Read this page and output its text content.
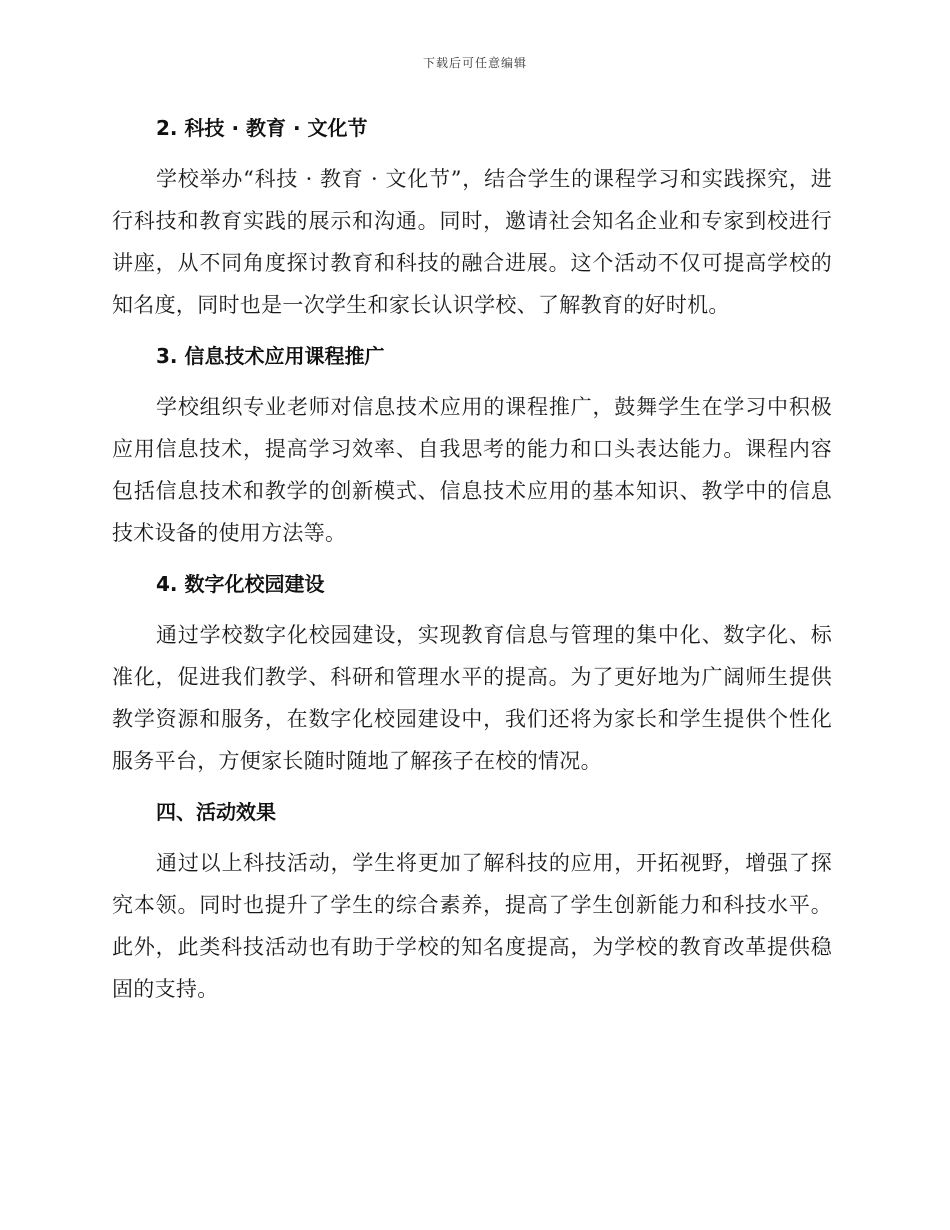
下载后可任意编辑
2. 科技 · 教育 · 文化节

学校举办“科技 · 教育 · 文化节”，结合学生的课程学习和实践探究，进行科技和教育实践的展示和沟通。同时，邀请社会知名企业和专家到校进行讲座，从不同角度探讨教育和科技的融合进展。这个活动不仅可提高学校的知名度，同时也是一次学生和家长认识学校、了解教育的好时机。

3. 信息技术应用课程推广

学校组织专业老师对信息技术应用的课程推广，鼓舞学生在学习中积极应用信息技术，提高学习效率、自我思考的能力和口头表达能力。课程内容包括信息技术和教学的创新模式、信息技术应用的基本知识、教学中的信息技术设备的使用方法等。

4. 数字化校园建设

通过学校数字化校园建设，实现教育信息与管理的集中化、数字化、标准化，促进我们教学、科研和管理水平的提高。为了更好地为广阔师生提供教学资源和服务，在数字化校园建设中，我们还将为家长和学生提供个性化服务平台，方便家长随时随地了解孩子在校的情况。

四、活动效果

通过以上科技活动，学生将更加了解科技的应用，开拓视野，增强了探究本领。同时也提升了学生的综合素养，提高了学生创新能力和科技水平。此外，此类科技活动也有助于学校的知名度提高，为学校的教育改革提供稳固的支持。
